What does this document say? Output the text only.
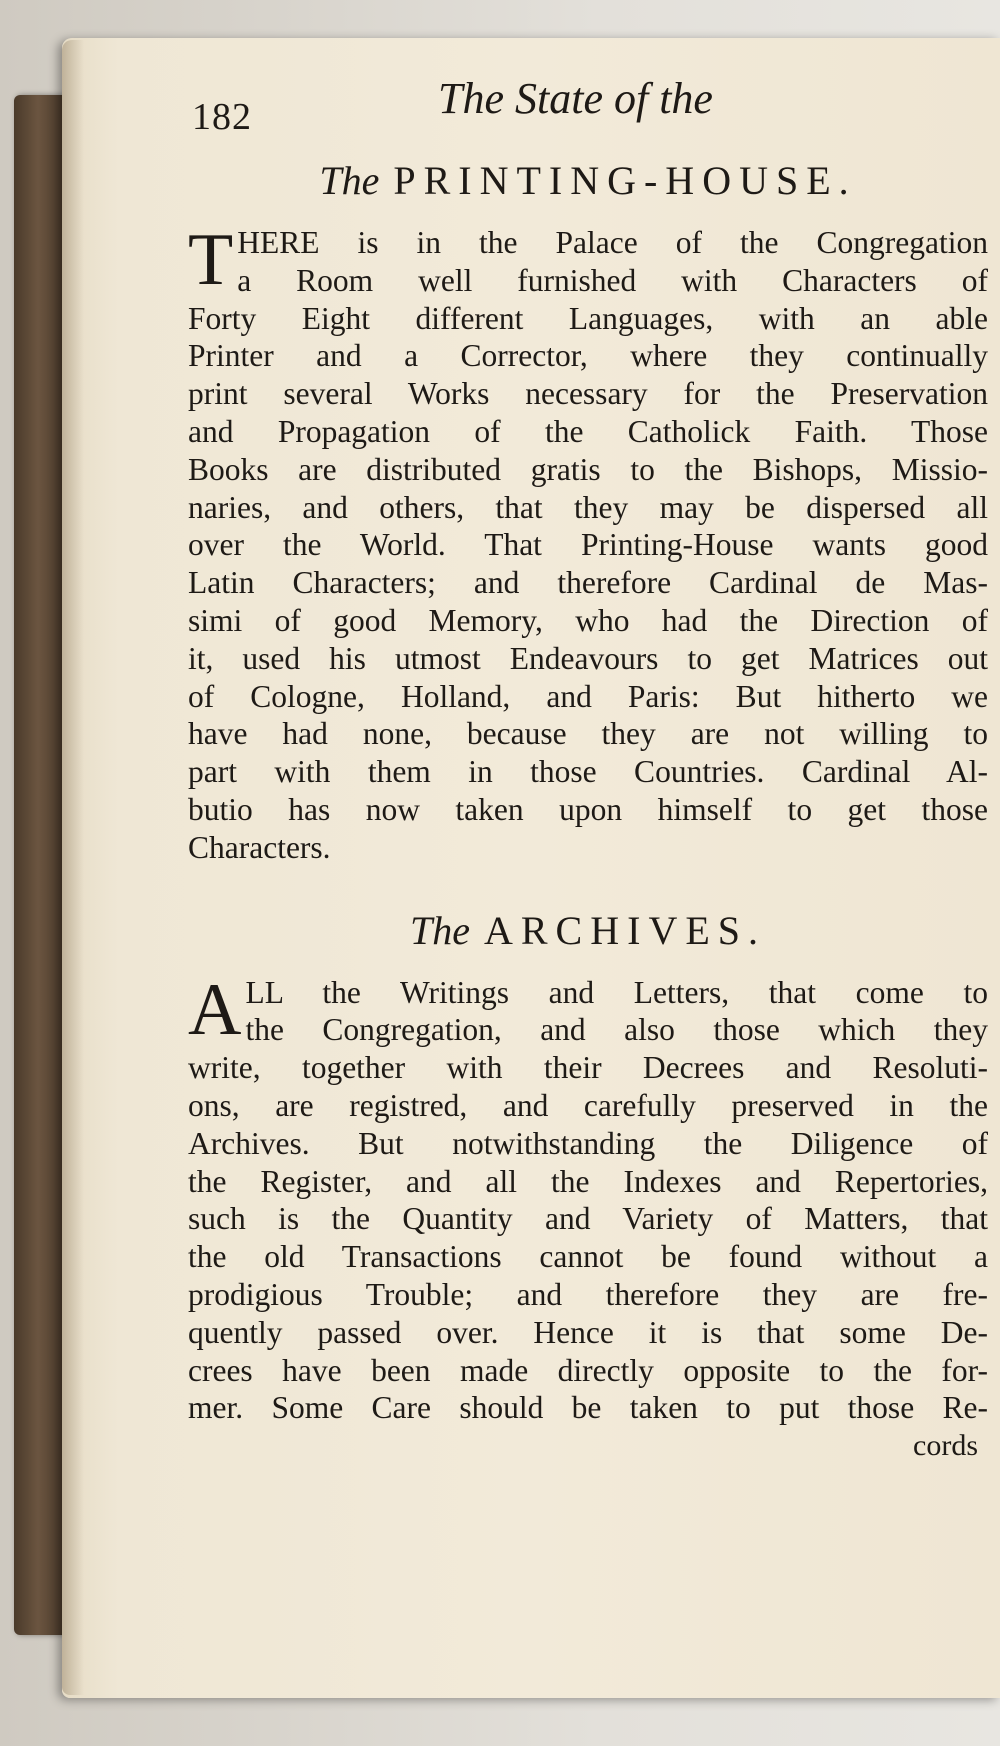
182	The State of the
The PRINTING-HOUSE.
T HERE is in the Palace of the Congregation
a Room well furnished with Characters of
Forty Eight different Languages, with an able
Printer and a Corrector, where they continually
print several Works necessary for the Preservation
and Propagation of the Catholick Faith. Those
Books are distributed gratis to the Bishops, Missio-
naries, and others, that they may be dispersed all
over the World. That Printing-House wants good
Latin Characters; and therefore Cardinal de Mas-
simi of good Memory, who had the Direction of
it, used his utmost Endeavours to get Matrices out
of Cologne, Holland, and Paris: But hitherto we
have had none, because they are not willing to
part with them in those Countries. Cardinal Al-
butio has now taken upon himself to get those
Characters.
The ARCHIVES.
A LL the Writings and Letters, that come to
the Congregation, and also those which they
write, together with their Decrees and Resoluti-
ons, are registred, and carefully preserved in the
Archives. But notwithstanding the Diligence of
the Register, and all the Indexes and Repertories,
such is the Quantity and Variety of Matters, that
the old Transactions cannot be found without a
prodigious Trouble; and therefore they are fre-
quently passed over. Hence it is that some De-
crees have been made directly opposite to the for-
mer. Some Care should be taken to put those Re-
cords
